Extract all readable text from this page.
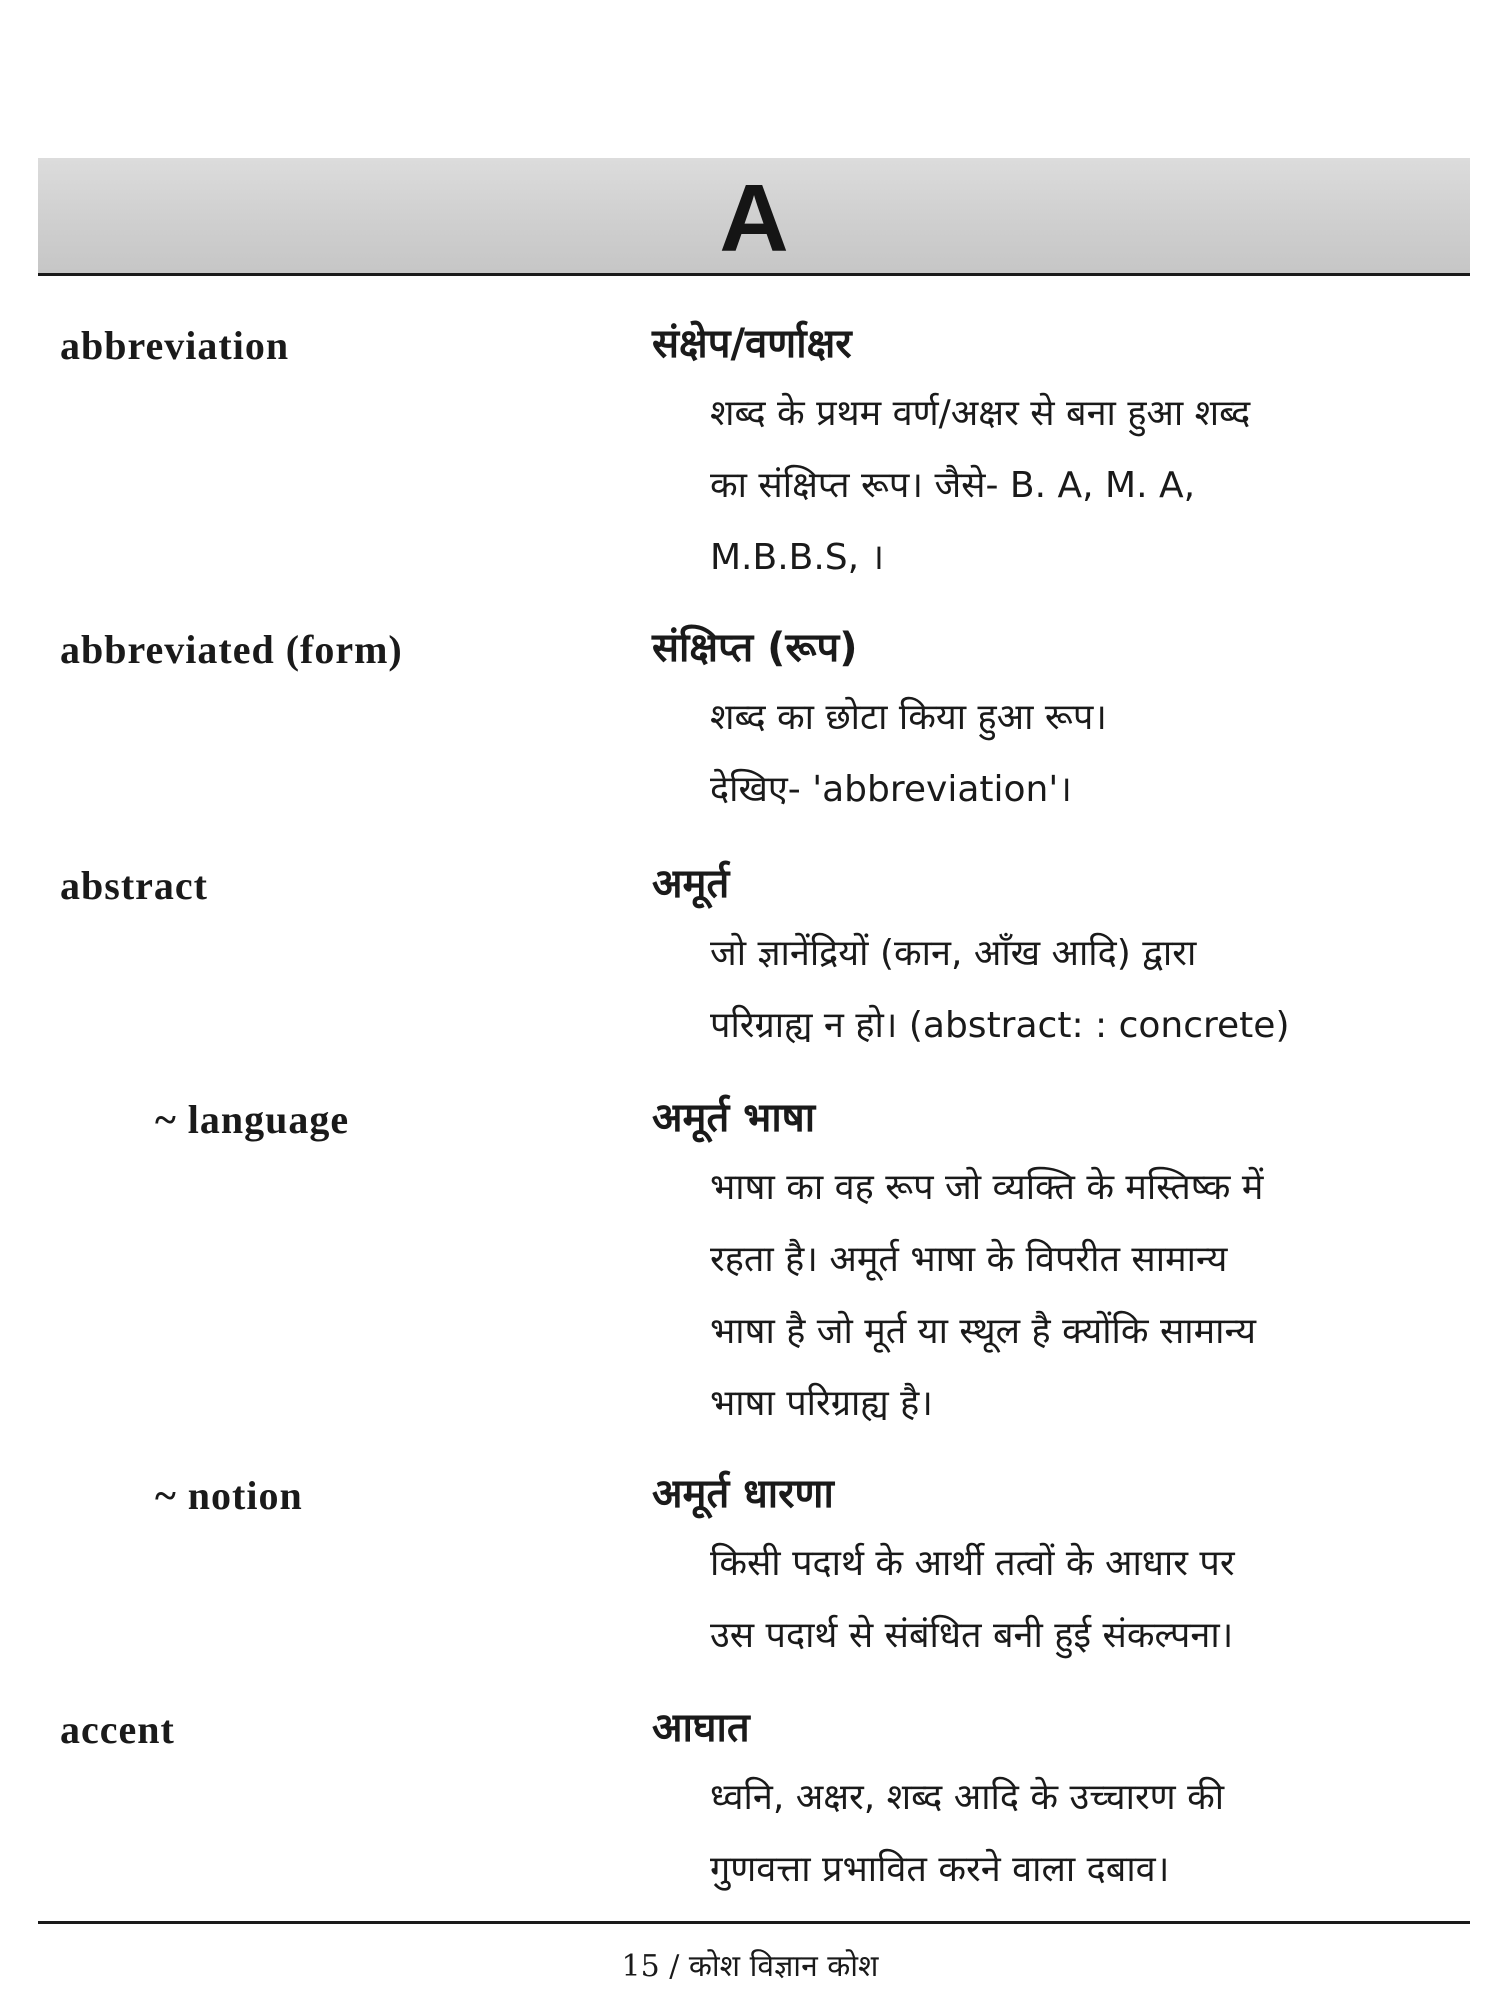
A
abbreviation	संक्षेप/वर्णाक्षर

शब्द के प्रथम वर्ण/अक्षर से बना हुआ शब्द
का संक्षिप्त रूप। जैसे- B. A, M. A,
M.B.B.S, ।

abbreviated (form)	संक्षिप्त (रूप)

शब्द का छोटा किया हुआ रूप।
देखिए- 'abbreviation'।

abstract	अमूर्त

जो ज्ञानेंद्रियों (कान, आँख आदि) द्वारा
परिग्राह्य न हो। (abstract: : concrete)

~ language	अमूर्त भाषा

भाषा का वह रूप जो व्यक्ति के मस्तिष्क में
रहता है। अमूर्त भाषा के विपरीत सामान्य
भाषा है जो मूर्त या स्थूल है क्योंकि सामान्य
भाषा परिग्राह्य है।

~ notion	अमूर्त धारणा

किसी पदार्थ के आर्थी तत्वों के आधार पर
उस पदार्थ से संबंधित बनी हुई संकल्पना।

accent	आघात

ध्वनि, अक्षर, शब्द आदि के उच्चारण की
गुणवत्ता प्रभावित करने वाला दबाव।

15 / कोश विज्ञान कोश
